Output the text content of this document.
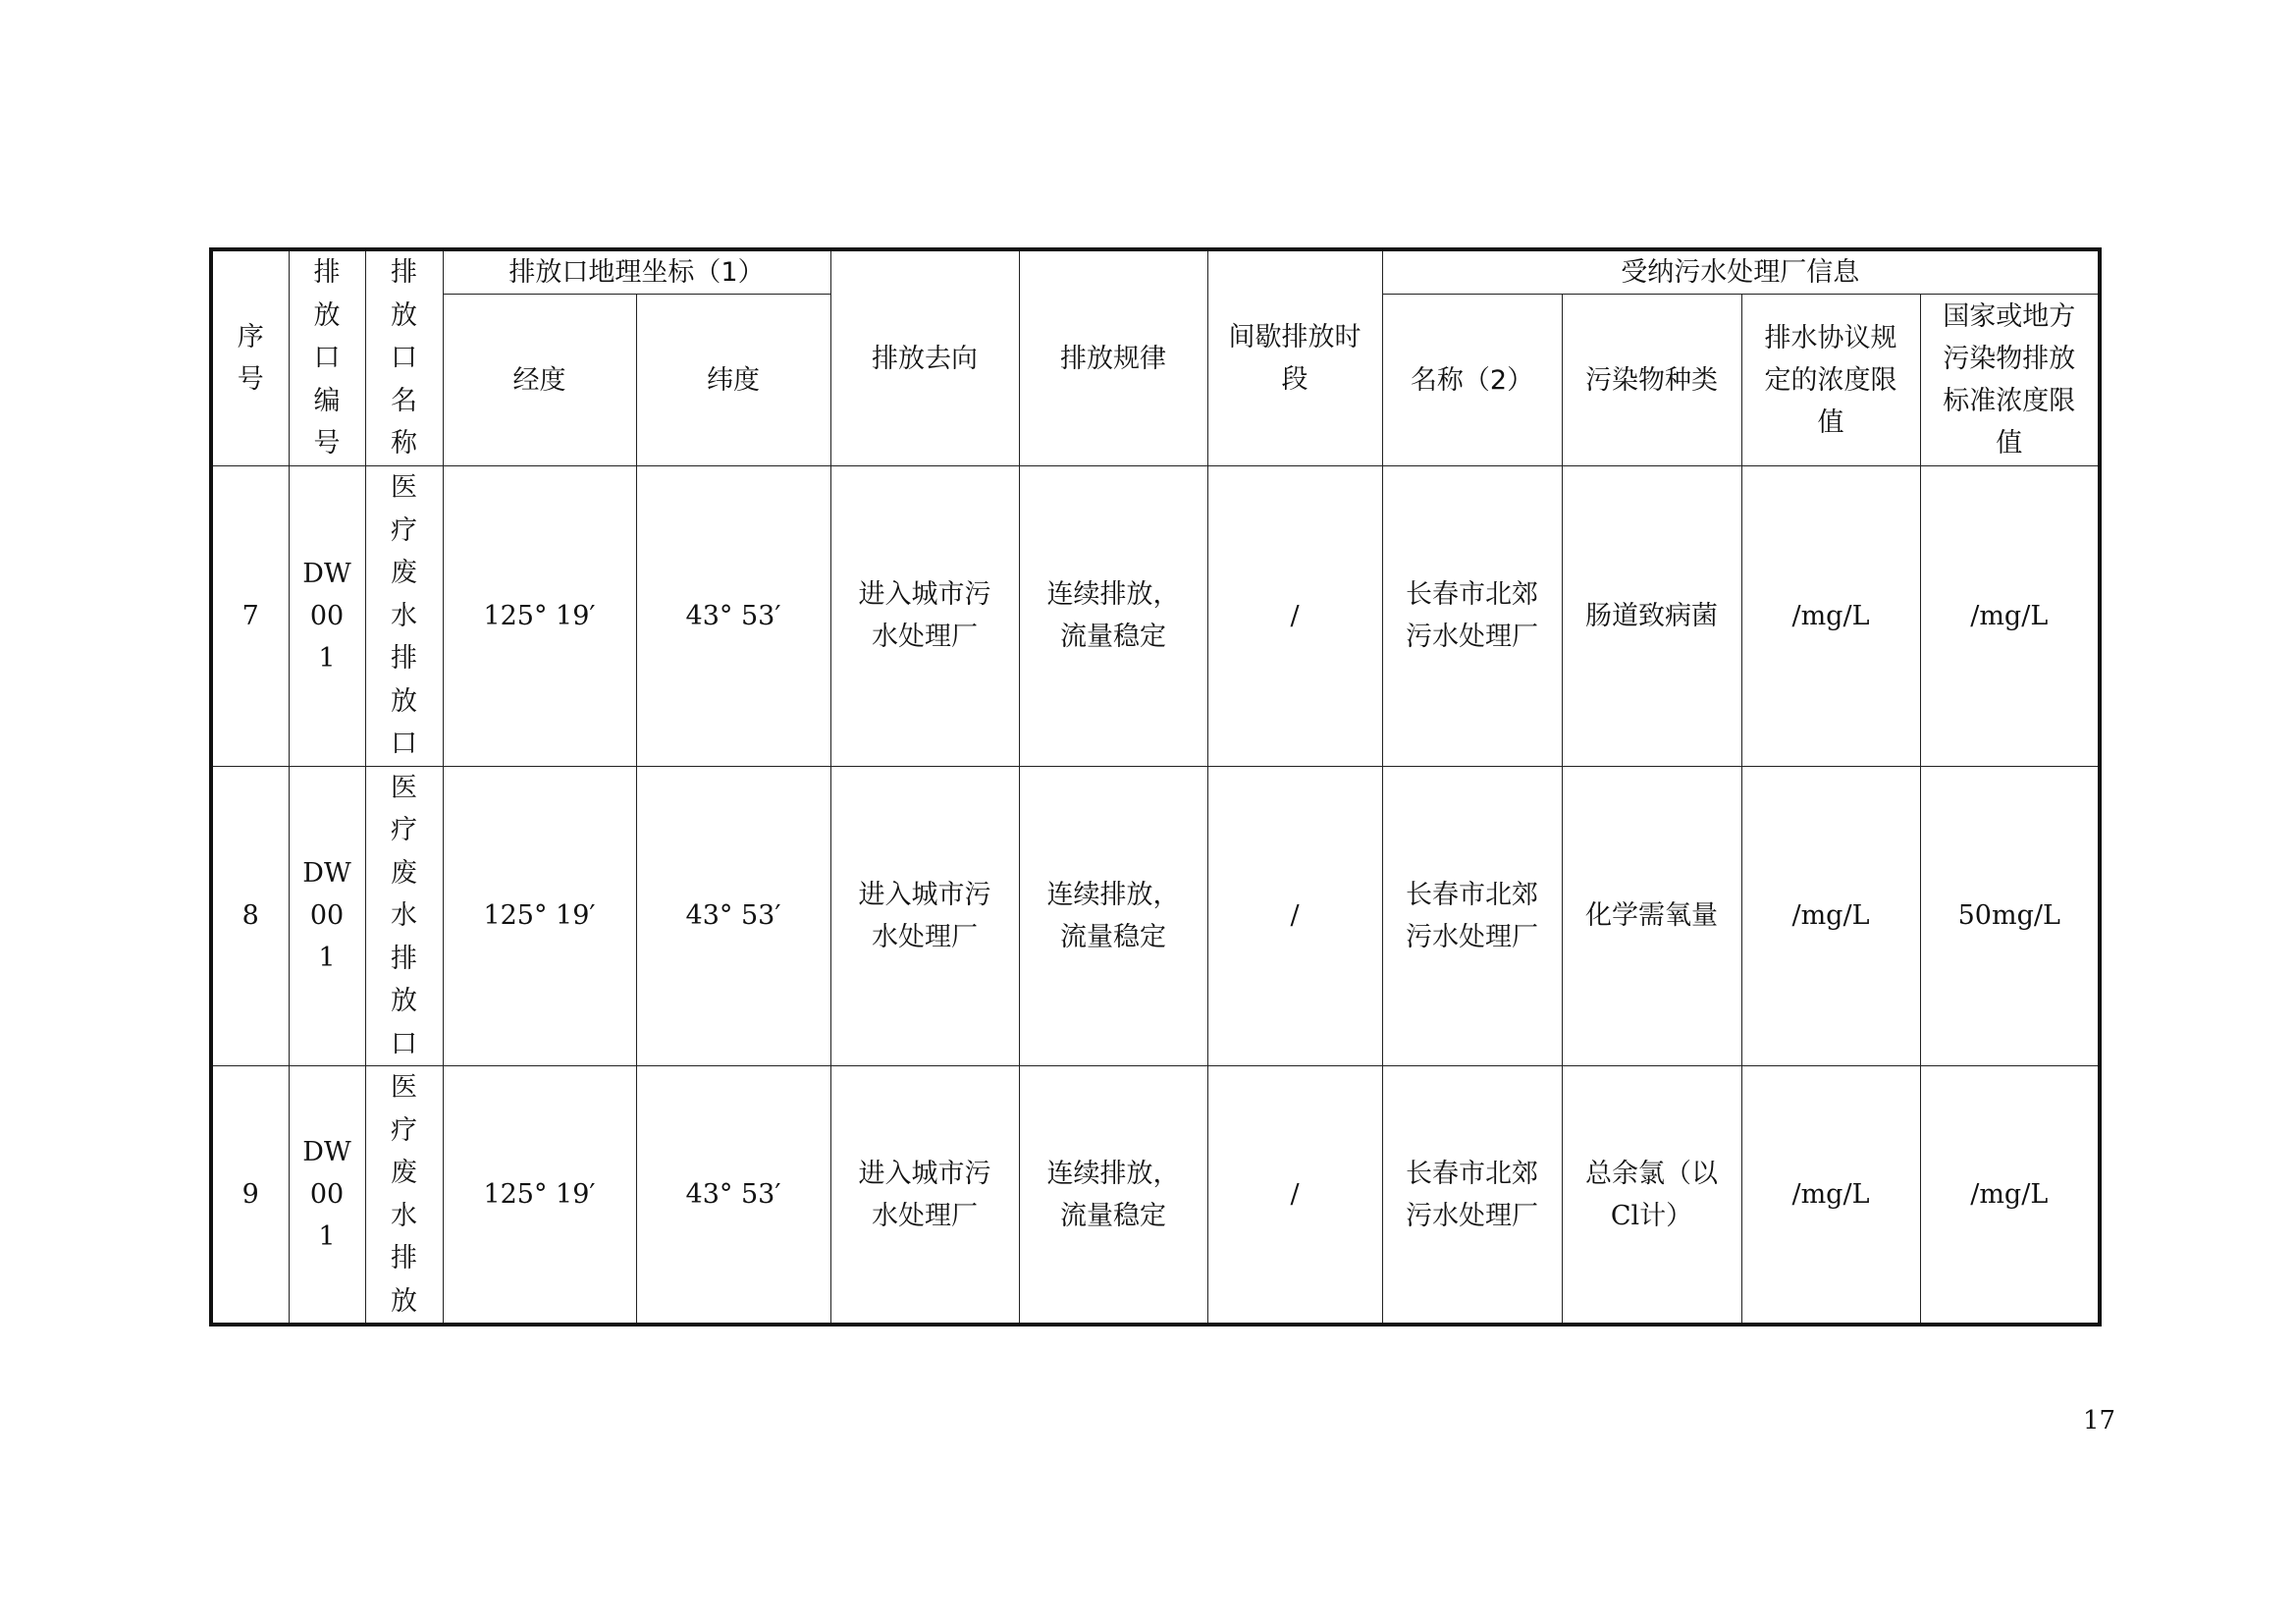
序号	排放口编号	排放口名称	排放口地理坐标（1）		排放去向	排放规律	间歇排放时段	受纳污水处理厂信息			
			经度	纬度				名称（2）	污染物种类	排水协议规定的浓度限值	国家或地方污染物排放标准浓度限值
7	DW001	医疗废水排放口	125° 19′	43° 53′	进入城市污水处理厂	连续排放，流量稳定	/	长春市北郊污水处理厂	肠道致病菌	/mg/L	/mg/L
8	DW001	医疗废水排放口	125° 19′	43° 53′	进入城市污水处理厂	连续排放，流量稳定	/	长春市北郊污水处理厂	化学需氧量	/mg/L	50mg/L
9	DW001	医疗废水排放	125° 19′	43° 53′	进入城市污水处理厂	连续排放，流量稳定	/	长春市北郊污水处理厂	总余氯（以Cl计）	/mg/L	/mg/L
17
